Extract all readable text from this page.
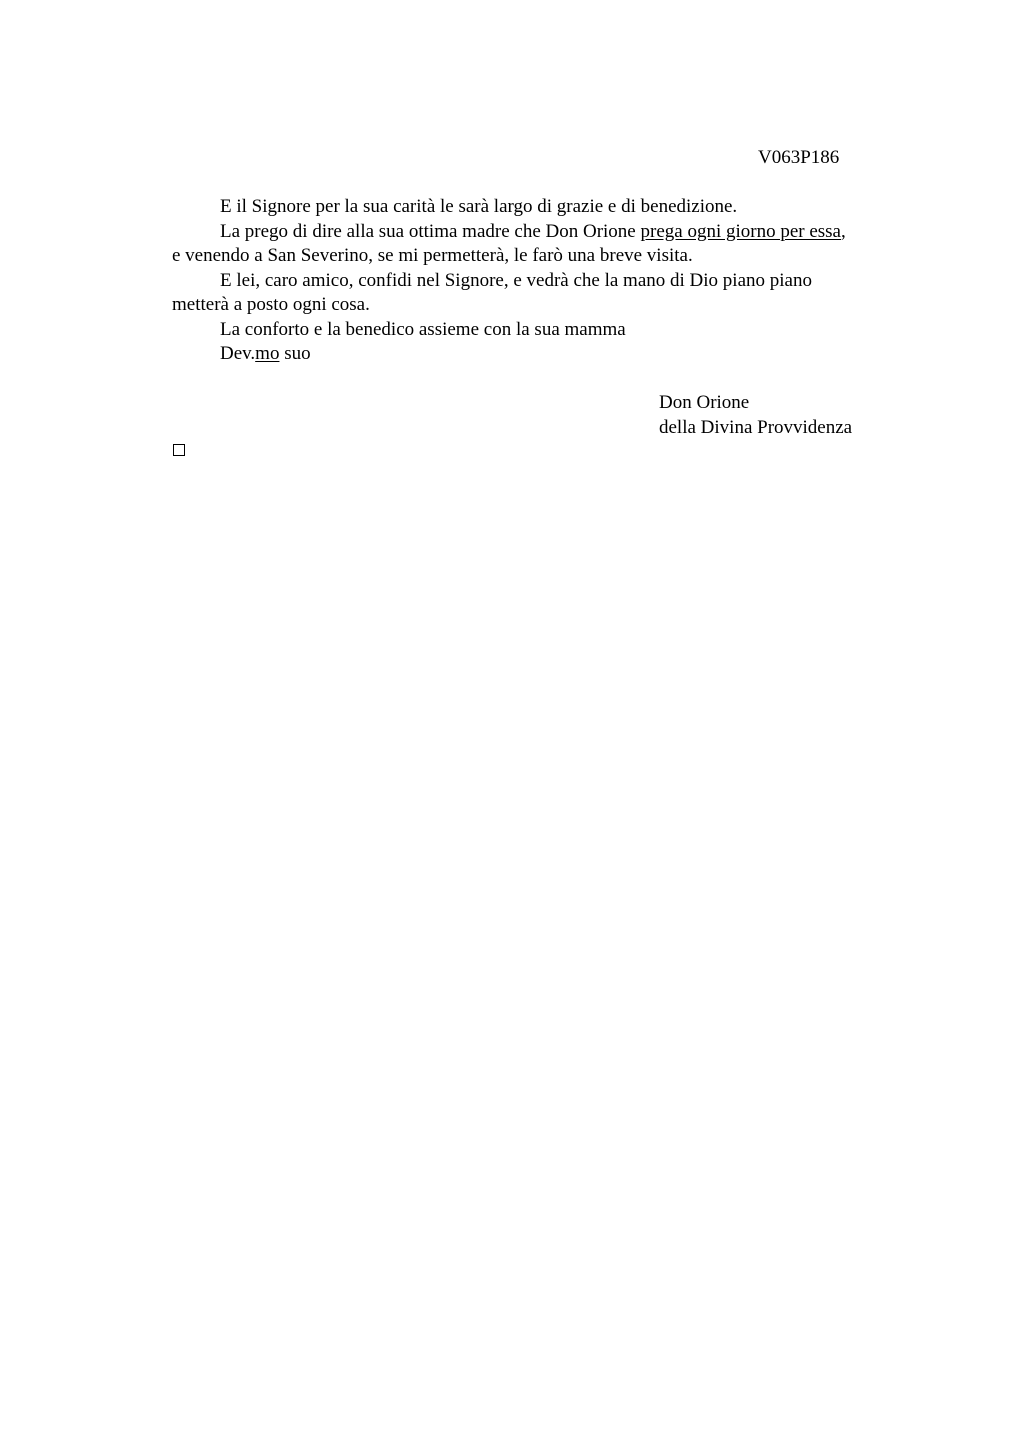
V063P186
E il Signore per la sua carità le sarà largo di grazie e di benedizione.
La prego di dire alla sua ottima madre che Don Orione prega ogni giorno per essa,
e venendo a San Severino, se mi permetterà, le farò una breve visita.
E lei, caro amico, confidi nel Signore, e vedrà che la mano di Dio piano piano
metterà a posto ogni cosa.
La conforto e la benedico assieme con la sua mamma
Dev.mo suo
Don Orione
della Divina Provvidenza
